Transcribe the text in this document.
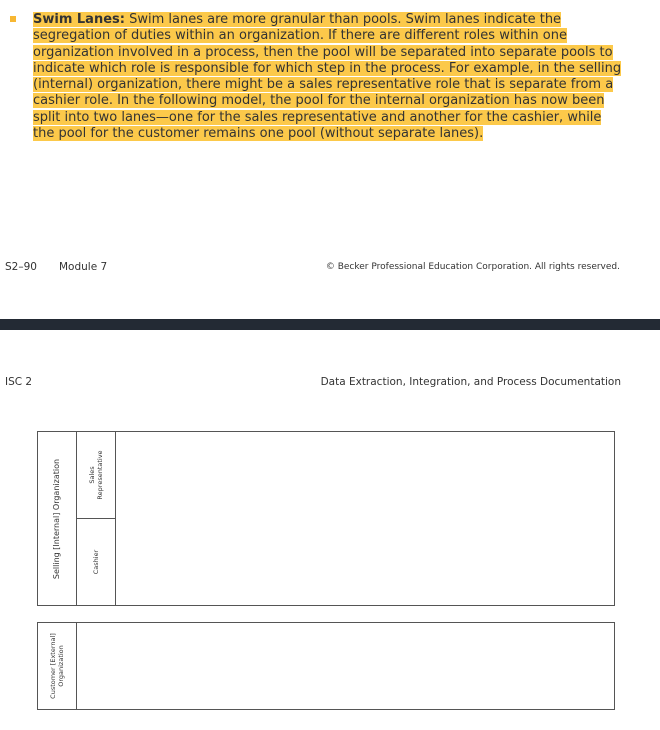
Swim Lanes: Swim lanes are more granular than pools. Swim lanes indicate the segregation of duties within an organization. If there are different roles within one organization involved in a process, then the pool will be separated into separate pools to indicate which role is responsible for which step in the process. For example, in the selling (internal) organization, there might be a sales representative role that is separate from a cashier role. In the following model, the pool for the internal organization has now been split into two lanes—one for the sales representative and another for the cashier, while the pool for the customer remains one pool (without separate lanes).
S2–90 Module 7	© Becker Professional Education Corporation. All rights reserved.
ISC 2	Data Extraction, Integration, and Process Documentation
Selling [Internal] Organization	Sales Representative
Cashier
Customer [External] Organization
